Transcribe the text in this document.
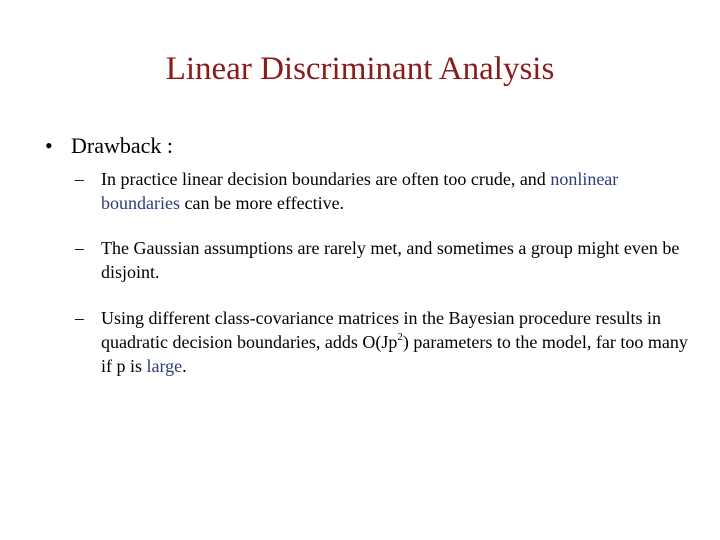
Linear Discriminant Analysis
• Drawback :
– In practice linear decision boundaries are often too crude, and nonlinear boundaries can be more effective.
– The Gaussian assumptions are rarely met, and sometimes a group might even be disjoint.
– Using different class-covariance matrices in the Bayesian procedure results in quadratic decision boundaries, adds O(Jp$^2$) parameters to the model, far too many if p is large.
